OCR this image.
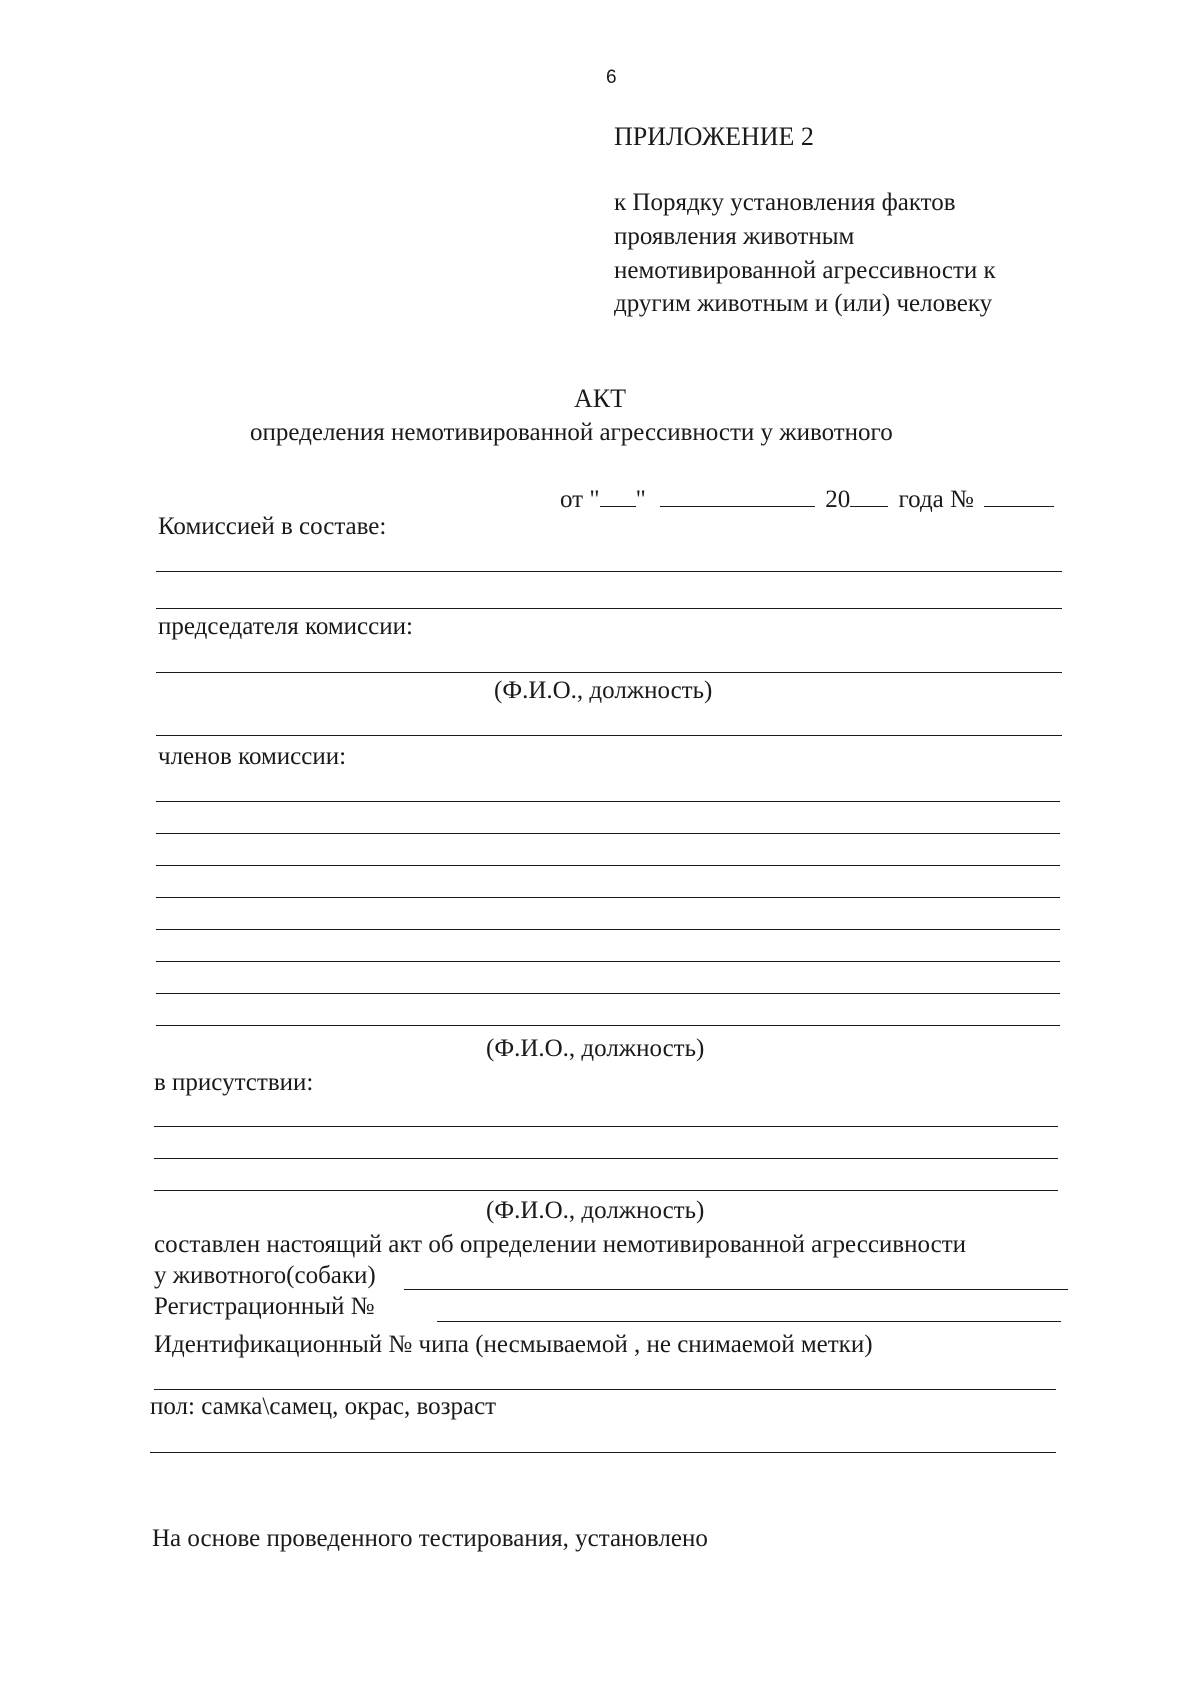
6
ПРИЛОЖЕНИЕ 2
к Порядку установления фактов
проявления животным
немотивированной агрессивности к
другим животным и (или) человеку
АКТ
определения немотивированной агрессивности у животного
от " "	20 года №
Комиссией в составе:
председателя комиссии:
(Ф.И.О., должность)
членов комиссии:
(Ф.И.О., должность)
в присутствии:
(Ф.И.О., должность)
составлен настоящий акт об определении немотивированной агрессивности
у животного(собаки)
Регистрационный №
Идентификационный № чипа (несмываемой , не снимаемой метки)
пол: самка\самец, окрас, возраст
На основе проведенного тестирования, установлено
